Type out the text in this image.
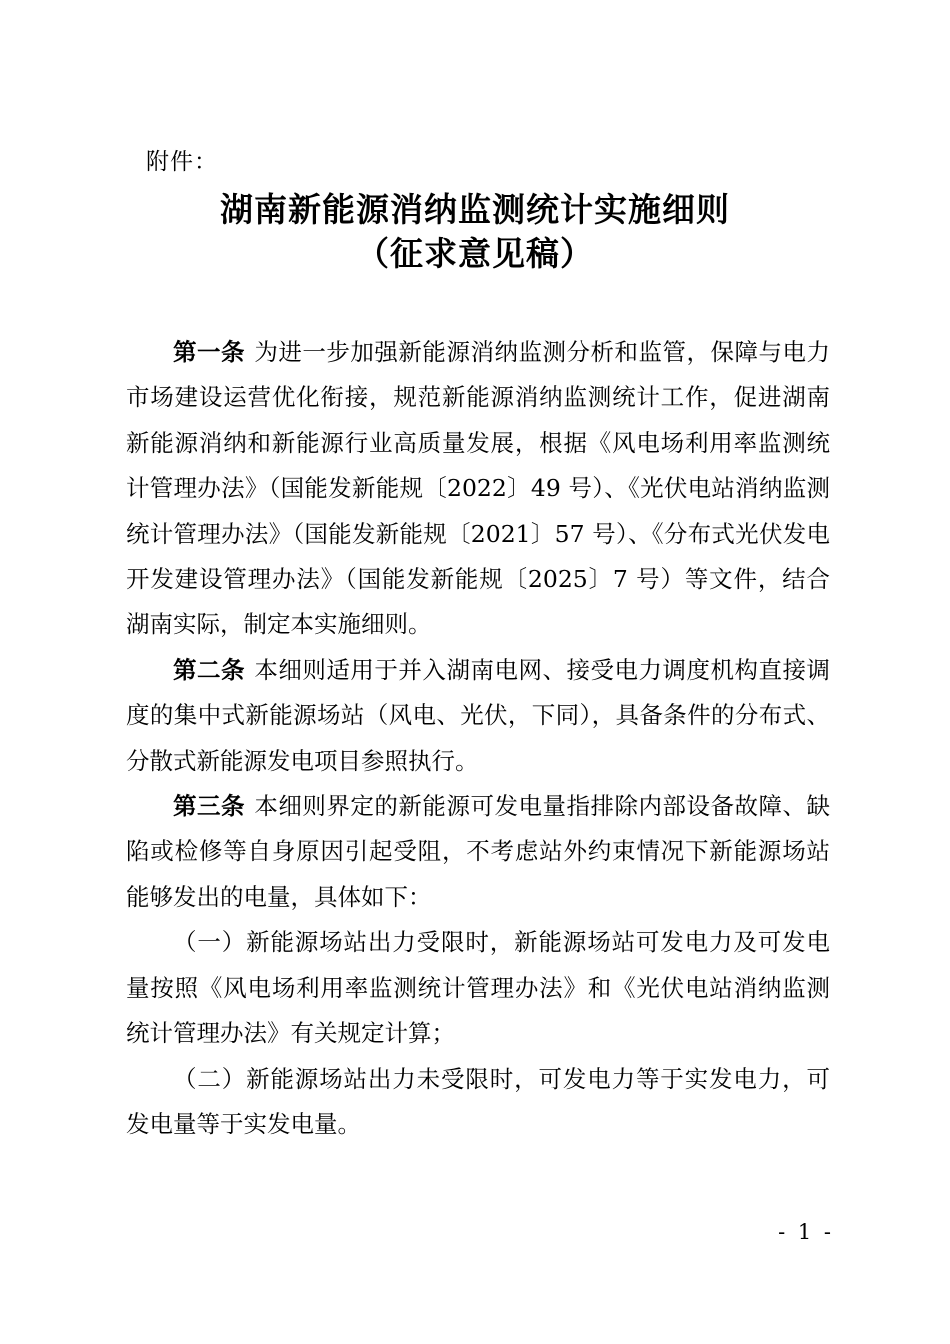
附件：
湖南新能源消纳监测统计实施细则
（征求意见稿）

第一条 为进一步加强新能源消纳监测分析和监管，保障与电力市场建设运营优化衔接，规范新能源消纳监测统计工作，促进湖南新能源消纳和新能源行业高质量发展，根据《风电场利用率监测统计管理办法》（国能发新能规〔2022〕49 号）、《光伏电站消纳监测统计管理办法》（国能发新能规〔2021〕57 号）、《分布式光伏发电开发建设管理办法》（国能发新能规〔2025〕7 号）等文件，结合湖南实际，制定本实施细则。

第二条 本细则适用于并入湖南电网、接受电力调度机构直接调度的集中式新能源场站（风电、光伏，下同），具备条件的分布式、分散式新能源发电项目参照执行。

第三条 本细则界定的新能源可发电量指排除内部设备故障、缺陷或检修等自身原因引起受阻，不考虑站外约束情况下新能源场站能够发出的电量，具体如下：

（一）新能源场站出力受限时，新能源场站可发电力及可发电量按照《风电场利用率监测统计管理办法》和《光伏电站消纳监测统计管理办法》有关规定计算；

（二）新能源场站出力未受限时，可发电力等于实发电力，可发电量等于实发电量。

- 1 -
